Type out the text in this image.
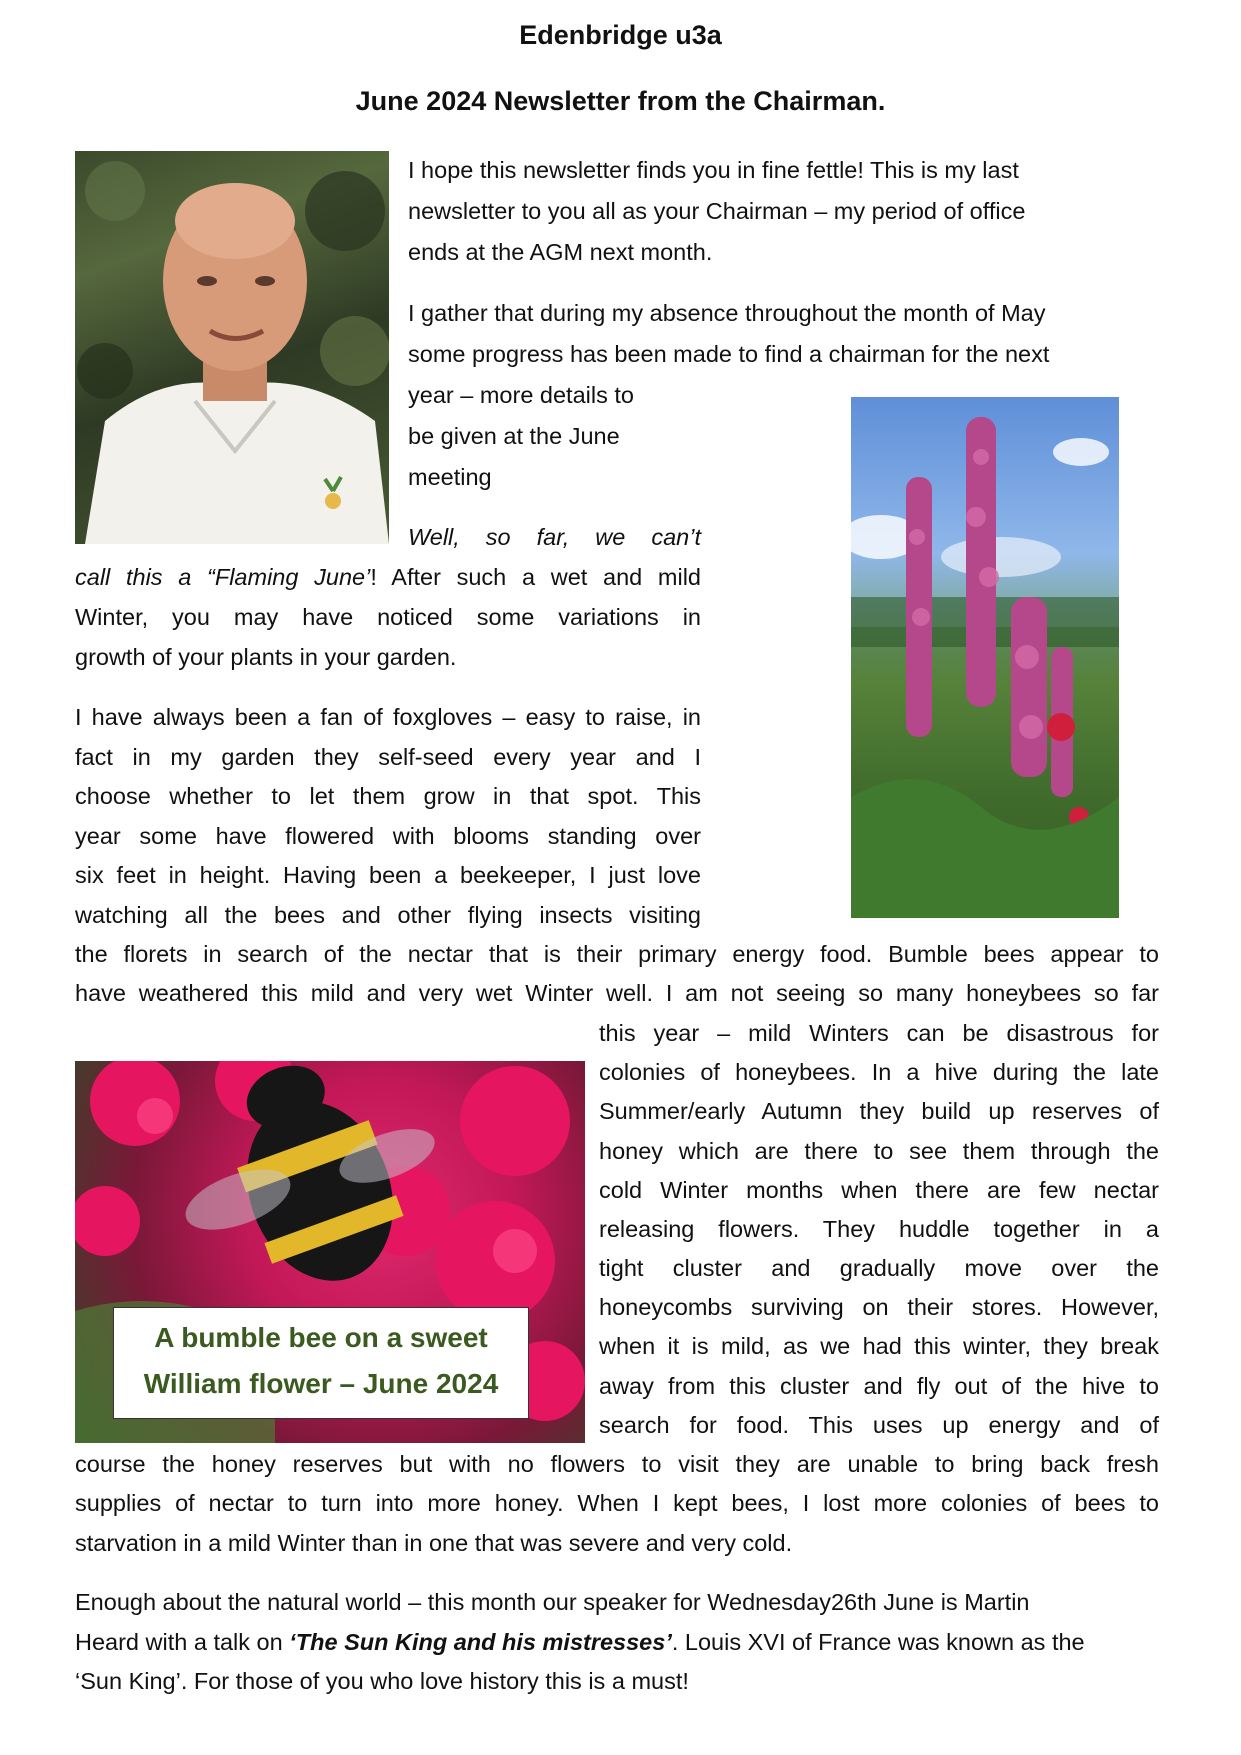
Edenbridge u3a
June 2024 Newsletter from the Chairman.
A bumble bee on a sweet
William flower – June 2024
I hope this newsletter finds you in fine fettle! This is my last
newsletter to you all as your Chairman – my period of office
ends at the AGM next month.
I gather that during my absence throughout the month of May
some progress has been made to find a chairman for the next
year – more details to
be given at the June
meeting
Well, so far, we can’t
call this a “Flaming June’! After such a wet and mild
Winter, you may have noticed some variations in
growth of your plants in your garden.
I have always been a fan of foxgloves – easy to raise, in
fact in my garden they self-seed every year and I
choose whether to let them grow in that spot. This
year some have flowered with blooms standing over
six feet in height. Having been a beekeeper, I just love
watching all the bees and other flying insects visiting
the florets in search of the nectar that is their primary energy food. Bumble bees appear to
have weathered this mild and very wet Winter well. I am not seeing so many honeybees so far
this year – mild Winters can be disastrous for
colonies of honeybees. In a hive during the late
Summer/early Autumn they build up reserves of
honey which are there to see them through the
cold Winter months when there are few nectar
releasing flowers. They huddle together in a
tight cluster and gradually move over the
honeycombs surviving on their stores. However,
when it is mild, as we had this winter, they break
away from this cluster and fly out of the hive to
search for food. This uses up energy and of
course the honey reserves but with no flowers to visit they are unable to bring back fresh
supplies of nectar to turn into more honey. When I kept bees, I lost more colonies of bees to
starvation in a mild Winter than in one that was severe and very cold.
Enough about the natural world – this month our speaker for Wednesday26th June is Martin
Heard with a talk on ‘The Sun King and his mistresses’. Louis XVI of France was known as the
‘Sun King’. For those of you who love history this is a must!
